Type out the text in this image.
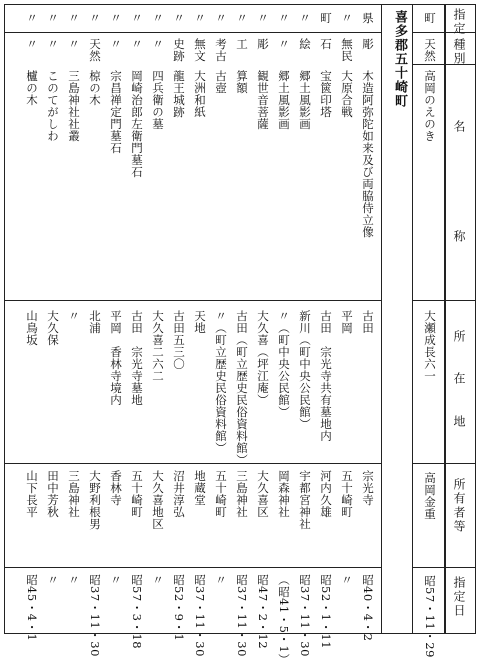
指定
種別
名
称
所
在
地
所有者等
指定日
町
天然
高岡のえのき
大瀬成長六一
高岡金重
昭57・11・29
喜多郡五十崎町
県
彫
木造阿弥陀如来及び両脇侍立像
古田
宗光寺
昭40・4・2
〃
無民
大原合戦
平岡
五十崎町
〃
町
石
宝篋印塔
古田　宗光寺共有墓地内
河内久雄
昭52・1・11
〃
絵
郷土風影画
新川（町中央公民館）
宇都宮神社
昭37・11・30
〃
〃
郷土風影画
〃（町中央公民館）
岡森神社
（昭41・5・1）
〃
彫
観世音菩薩
大久喜（坪江庵）
大久喜区
昭47・2・12
〃
工
算額
古田（町立歴史民俗資料館）
三島神社
昭37・11・30
〃
考古
古壺
〃（町立歴史民俗資料館）
五十崎町
〃
〃
無文
大洲和紙
天地
地蔵堂
昭37・11・30
〃
史跡
龍王城跡
古田五三〇
沼井淳弘
昭52・9・1
〃
〃
四兵衛の墓
大久喜二六二
大久喜地区
〃
〃
〃
岡崎治郎左衛門墓石
古田　宗光寺墓地
五十崎町
昭57・3・18
〃
〃
宗昌禅定門墓石
平岡　香林寺境内
香林寺
〃
〃
天然
椋の木
北浦
大野利根男
昭37・11・30
〃
〃
三島神社社叢
〃
三島神社
〃
〃
〃
このてがしわ
大久保
田中芳秋
〃
〃
〃
櫨の木
山鳥坂
山下長平
昭45・4・1
